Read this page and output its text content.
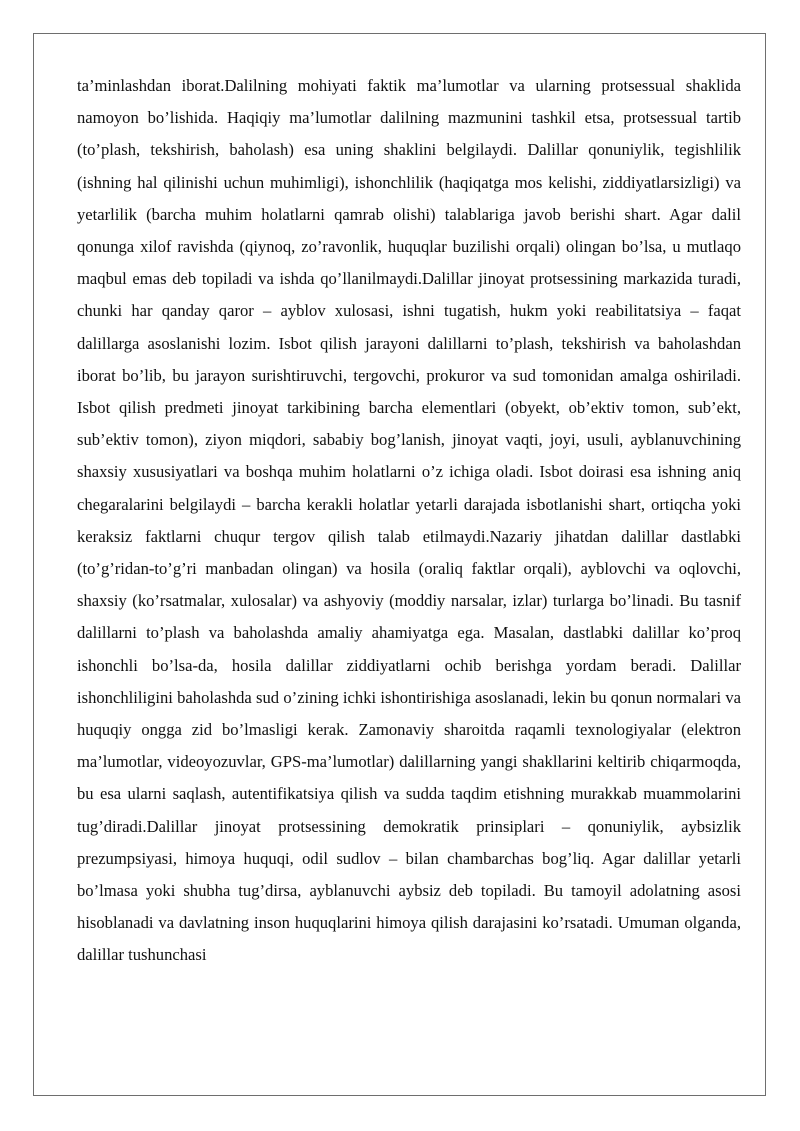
ta’minlashdan iborat.Dalilning mohiyati faktik ma’lumotlar va ularning protsessual shaklida namoyon bo’lishida. Haqiqiy ma’lumotlar dalilning mazmunini tashkil etsa, protsessual tartib (to’plash, tekshirish, baholash) esa uning shaklini belgilaydi. Dalillar qonuniylik, tegishlilik (ishning hal qilinishi uchun muhimligi), ishonchlilik (haqiqatga mos kelishi, ziddiyatlarsizligi) va yetarlilik (barcha muhim holatlarni qamrab olishi) talablariga javob berishi shart. Agar dalil qonunga xilof ravishda (qiynoq, zo’ravonlik, huquqlar buzilishi orqali) olingan bo’lsa, u mutlaqo maqbul emas deb topiladi va ishda qo’llanilmaydi.Dalillar jinoyat protsessining markazida turadi, chunki har qanday qaror – ayblov xulosasi, ishni tugatish, hukm yoki reabilitatsiya – faqat dalillarga asoslanishi lozim. Isbot qilish jarayoni dalillarni to’plash, tekshirish va baholashdan iborat bo’lib, bu jarayon surishtiruvchi, tergovchi, prokuror va sud tomonidan amalga oshiriladi. Isbot qilish predmeti jinoyat tarkibining barcha elementlari (obyekt, ob’ektiv tomon, sub’ekt, sub’ektiv tomon), ziyon miqdori, sababiy bog’lanish, jinoyat vaqti, joyi, usuli, ayblanuvchining shaxsiy xususiyatlari va boshqa muhim holatlarni o’z ichiga oladi. Isbot doirasi esa ishning aniq chegaralarini belgilaydi – barcha kerakli holatlar yetarli darajada isbotlanishi shart, ortiqcha yoki keraksiz faktlarni chuqur tergov qilish talab etilmaydi.Nazariy jihatdan dalillar dastlabki (to’g’ridan-to’g’ri manbadan olingan) va hosila (oraliq faktlar orqali), ayblovchi va oqlovchi, shaxsiy (ko’rsatmalar, xulosalar) va ashyoviy (moddiy narsalar, izlar) turlarga bo’linadi. Bu tasnif dalillarni to’plash va baholashda amaliy ahamiyatga ega. Masalan, dastlabki dalillar ko’proq ishonchli bo’lsa-da, hosila dalillar ziddiyatlarni ochib berishga yordam beradi. Dalillar ishonchliligini baholashda sud o’zining ichki ishontirishiga asoslanadi, lekin bu qonun normalari va huquqiy ongga zid bo’lmasligi kerak. Zamonaviy sharoitda raqamli texnologiyalar (elektron ma’lumotlar, videoyozuvlar, GPS-ma’lumotlar) dalillarning yangi shakllarini keltirib chiqarmoqda, bu esa ularni saqlash, autentifikatsiya qilish va sudda taqdim etishning murakkab muammolarini tug’diradi.Dalillar jinoyat protsessining demokratik prinsiplari – qonuniylik, aybsizlik prezumpsiyasi, himoya huquqi, odil sudlov – bilan chambarchas bog’liq. Agar dalillar yetarli bo’lmasa yoki shubha tug’dirsa, ayblanuvchi aybsiz deb topiladi. Bu tamoyil adolatning asosi hisoblanadi va davlatning inson huquqlarini himoya qilish darajasini ko’rsatadi. Umuman olganda, dalillar tushunchasi
